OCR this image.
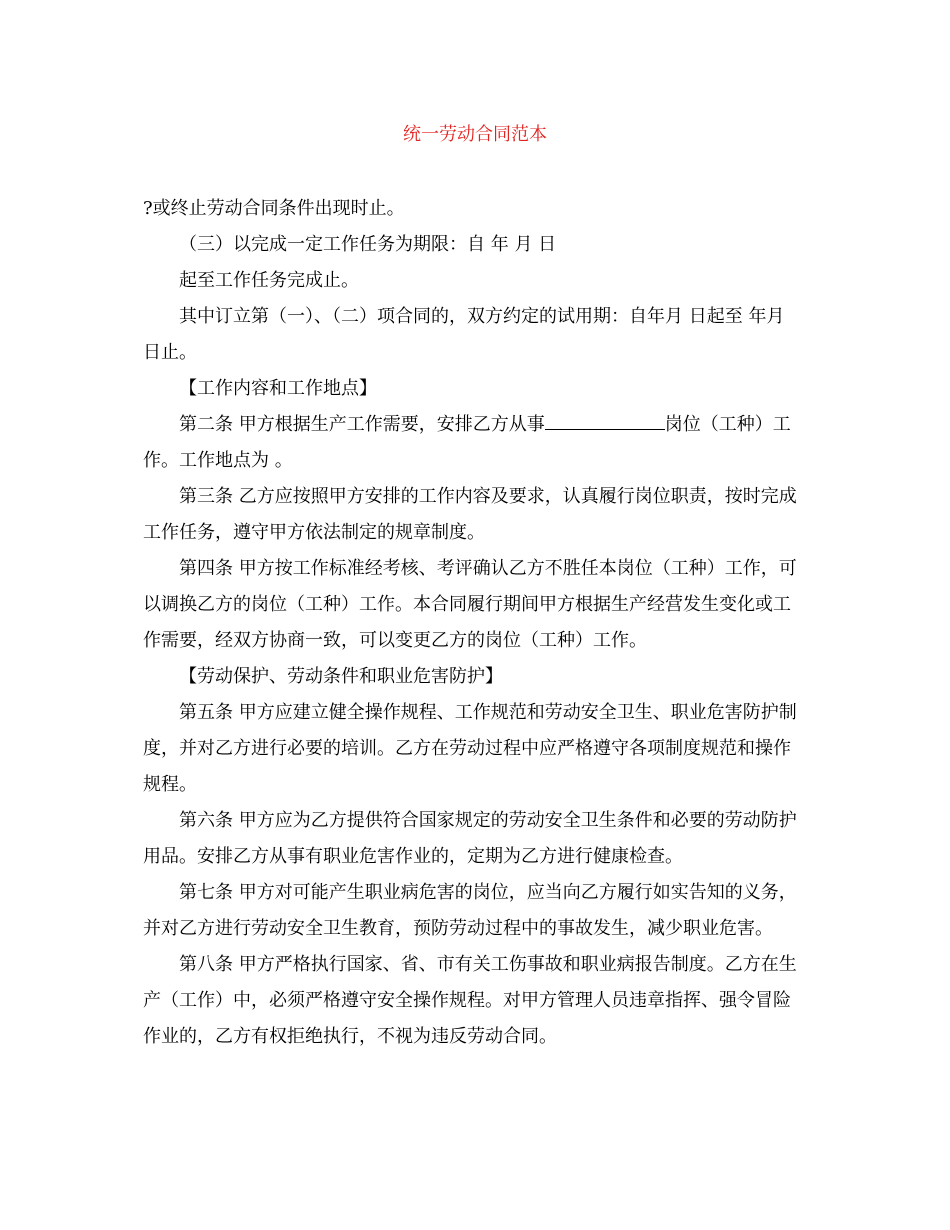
统一劳动合同范本

?或终止劳动合同条件出现时止。

（三）以完成一定工作任务为期限：自 年 月 日

起至工作任务完成止。

其中订立第（一）、（二）项合同的，双方约定的试用期：自年月 日起至 年月 日止。

【工作内容和工作地点】

第二条 甲方根据生产工作需要，安排乙方从事	岗位（工种）工作。工作地点为 。

第三条 乙方应按照甲方安排的工作内容及要求，认真履行岗位职责，按时完成工作任务，遵守甲方依法制定的规章制度。

第四条 甲方按工作标准经考核、考评确认乙方不胜任本岗位（工种）工作，可以调换乙方的岗位（工种）工作。本合同履行期间甲方根据生产经营发生变化或工作需要，经双方协商一致，可以变更乙方的岗位（工种）工作。

【劳动保护、劳动条件和职业危害防护】

第五条 甲方应建立健全操作规程、工作规范和劳动安全卫生、职业危害防护制度，并对乙方进行必要的培训。乙方在劳动过程中应严格遵守各项制度规范和操作规程。

第六条 甲方应为乙方提供符合国家规定的劳动安全卫生条件和必要的劳动防护用品。安排乙方从事有职业危害作业的，定期为乙方进行健康检查。

第七条 甲方对可能产生职业病危害的岗位，应当向乙方履行如实告知的义务，并对乙方进行劳动安全卫生教育，预防劳动过程中的事故发生，减少职业危害。

第八条 甲方严格执行国家、省、市有关工伤事故和职业病报告制度。乙方在生产（工作）中，必须严格遵守安全操作规程。对甲方管理人员违章指挥、强令冒险作业的，乙方有权拒绝执行，不视为违反劳动合同。
